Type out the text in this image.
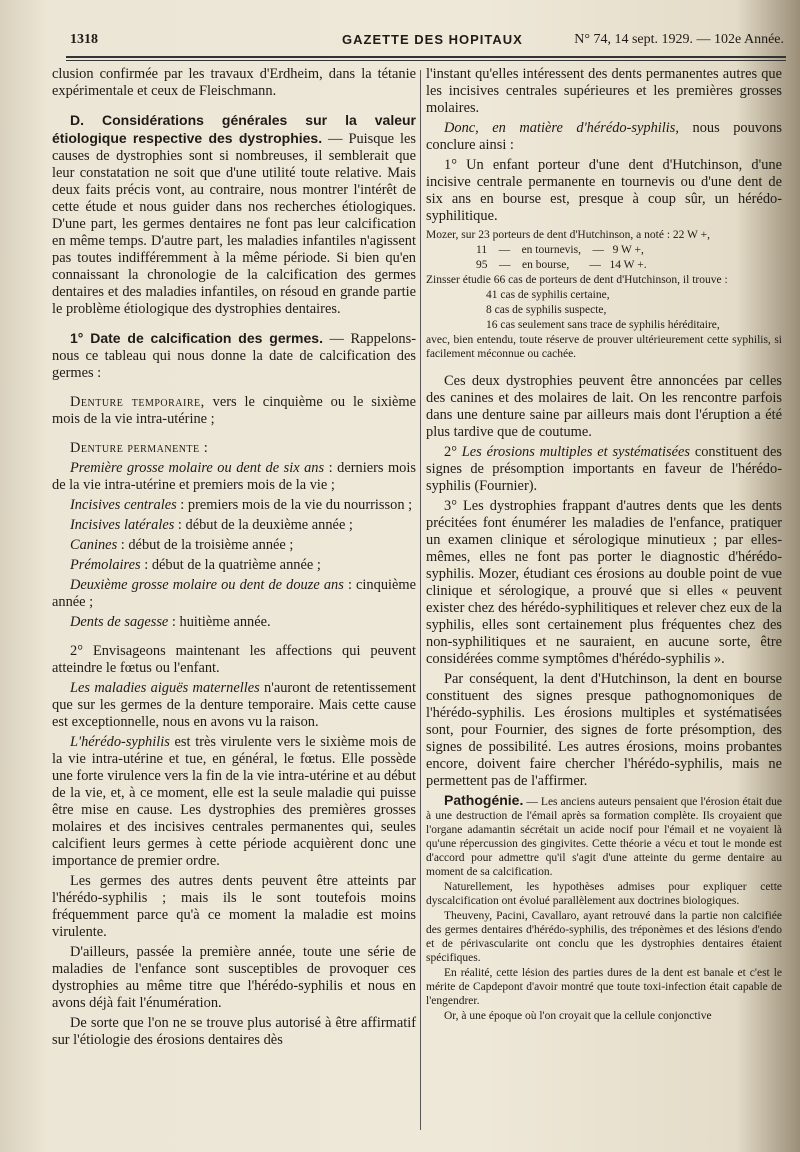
1318	GAZETTE DES HOPITAUX	N° 74, 14 sept. 1929. — 102e Année.

clusion confirmée par les travaux d'Erdheim, dans la tétanie expérimentale et ceux de Fleischmann.

D. Considérations générales sur la valeur étiologique respective des dystrophies. — Puisque les causes de dystrophies sont si nombreuses, il semblerait que leur constatation ne soit que d'une utilité toute relative. Mais deux faits précis vont, au contraire, nous montrer l'intérêt de cette étude et nous guider dans nos recherches étiologiques. D'une part, les germes dentaires ne font pas leur calcification en même temps. D'autre part, les maladies infantiles n'agissent pas toutes indifféremment à la même période. Si bien qu'en connaissant la chronologie de la calcification des germes dentaires et des maladies infantiles, on résoud en grande partie le problème étiologique des dystrophies dentaires.

1° Date de calcification des germes. — Rappelons-nous ce tableau qui nous donne la date de calcification des germes :

Denture temporaire, vers le cinquième ou le sixième mois de la vie intra-utérine ;

Denture permanente :

Première grosse molaire ou dent de six ans : derniers mois de la vie intra-utérine et premiers mois de la vie ;

Incisives centrales : premiers mois de la vie du nourrisson ;

Incisives latérales : début de la deuxième année ;

Canines : début de la troisième année ;

Prémolaires : début de la quatrième année ;

Deuxième grosse molaire ou dent de douze ans : cinquième année ;

Dents de sagesse : huitième année.

2° Envisageons maintenant les affections qui peuvent atteindre le fœtus ou l'enfant.

Les maladies aiguës maternelles n'auront de retentissement que sur les germes de la denture temporaire. Mais cette cause est exceptionnelle, nous en avons vu la raison.

L'hérédo-syphilis est très virulente vers le sixième mois de la vie intra-utérine et tue, en général, le fœtus. Elle possède une forte virulence vers la fin de la vie intra-utérine et au début de la vie, et, à ce moment, elle est la seule maladie qui puisse être mise en cause. Les dystrophies des premières grosses molaires et des incisives centrales permanentes qui, seules calcifient leurs germes à cette période acquièrent donc une importance de premier ordre.

Les germes des autres dents peuvent être atteints par l'hérédo-syphilis ; mais ils le sont toutefois moins fréquemment parce qu'à ce moment la maladie est moins virulente.

D'ailleurs, passée la première année, toute une série de maladies de l'enfance sont susceptibles de provoquer ces dystrophies au même titre que l'hérédo-syphilis et nous en avons déjà fait l'énumération.

De sorte que l'on ne se trouve plus autorisé à être affirmatif sur l'étiologie des érosions dentaires dès

l'instant qu'elles intéressent des dents permanentes autres que les incisives centrales supérieures et les premières grosses molaires.

Donc, en matière d'hérédo-syphilis, nous pouvons conclure ainsi :

1° Un enfant porteur d'une dent d'Hutchinson, d'une incisive centrale permanente en tournevis ou d'une dent de six ans en bourse est, presque à coup sûr, un hérédo-syphilitique.

Mozer, sur 23 porteurs de dent d'Hutchinson, a noté : 22 W +,

11 — en tournevis, — 9 W +,

95 — en bourse, — 14 W +.

Zinsser étudie 66 cas de porteurs de dent d'Hutchinson, il trouve :

41 cas de syphilis certaine,

8 cas de syphilis suspecte,

16 cas seulement sans trace de syphilis héréditaire,

avec, bien entendu, toute réserve de prouver ultérieurement cette syphilis, si facilement méconnue ou cachée.

Ces deux dystrophies peuvent être annoncées par celles des canines et des molaires de lait. On les rencontre parfois dans une denture saine par ailleurs mais dont l'éruption a été plus tardive que de coutume.

2° Les érosions multiples et systématisées constituent des signes de présomption importants en faveur de l'hérédo-syphilis (Fournier).

3° Les dystrophies frappant d'autres dents que les dents précitées font énumérer les maladies de l'enfance, pratiquer un examen clinique et sérologique minutieux ; par elles-mêmes, elles ne font pas porter le diagnostic d'hérédo-syphilis. Mozer, étudiant ces érosions au double point de vue clinique et sérologique, a prouvé que si elles « peuvent exister chez des hérédo-syphilitiques et relever chez eux de la syphilis, elles sont certainement plus fréquentes chez des non-syphilitiques et ne sauraient, en aucune sorte, être considérées comme symptômes d'hérédo-syphilis ».

Par conséquent, la dent d'Hutchinson, la dent en bourse constituent des signes presque pathognomoniques de l'hérédo-syphilis. Les érosions multiples et systématisées sont, pour Fournier, des signes de forte présomption, des signes de possibilité. Les autres érosions, moins probantes encore, doivent faire chercher l'hérédo-syphilis, mais ne permettent pas de l'affirmer.

Pathogénie. — Les anciens auteurs pensaient que l'érosion était due à une destruction de l'émail après sa formation complète. Ils croyaient que l'organe adamantin sécrétait un acide nocif pour l'émail et ne voyaient là qu'une répercussion des gingivites. Cette théorie a vécu et tout le monde est d'accord pour admettre qu'il s'agit d'une atteinte du germe dentaire au moment de sa calcification.

Naturellement, les hypothèses admises pour expliquer cette dyscalcification ont évolué parallèlement aux doctrines biologiques.

Theuveny, Pacini, Cavallaro, ayant retrouvé dans la partie non calcifiée des germes dentaires d'hérédo-syphilis, des tréponèmes et des lésions d'endo et de périvascularite ont conclu que les dystrophies dentaires étaient spécifiques.

En réalité, cette lésion des parties dures de la dent est banale et c'est le mérite de Capdepont d'avoir montré que toute toxi-infection était capable de l'engendrer.

Or, à une époque où l'on croyait que la cellule conjonctive
